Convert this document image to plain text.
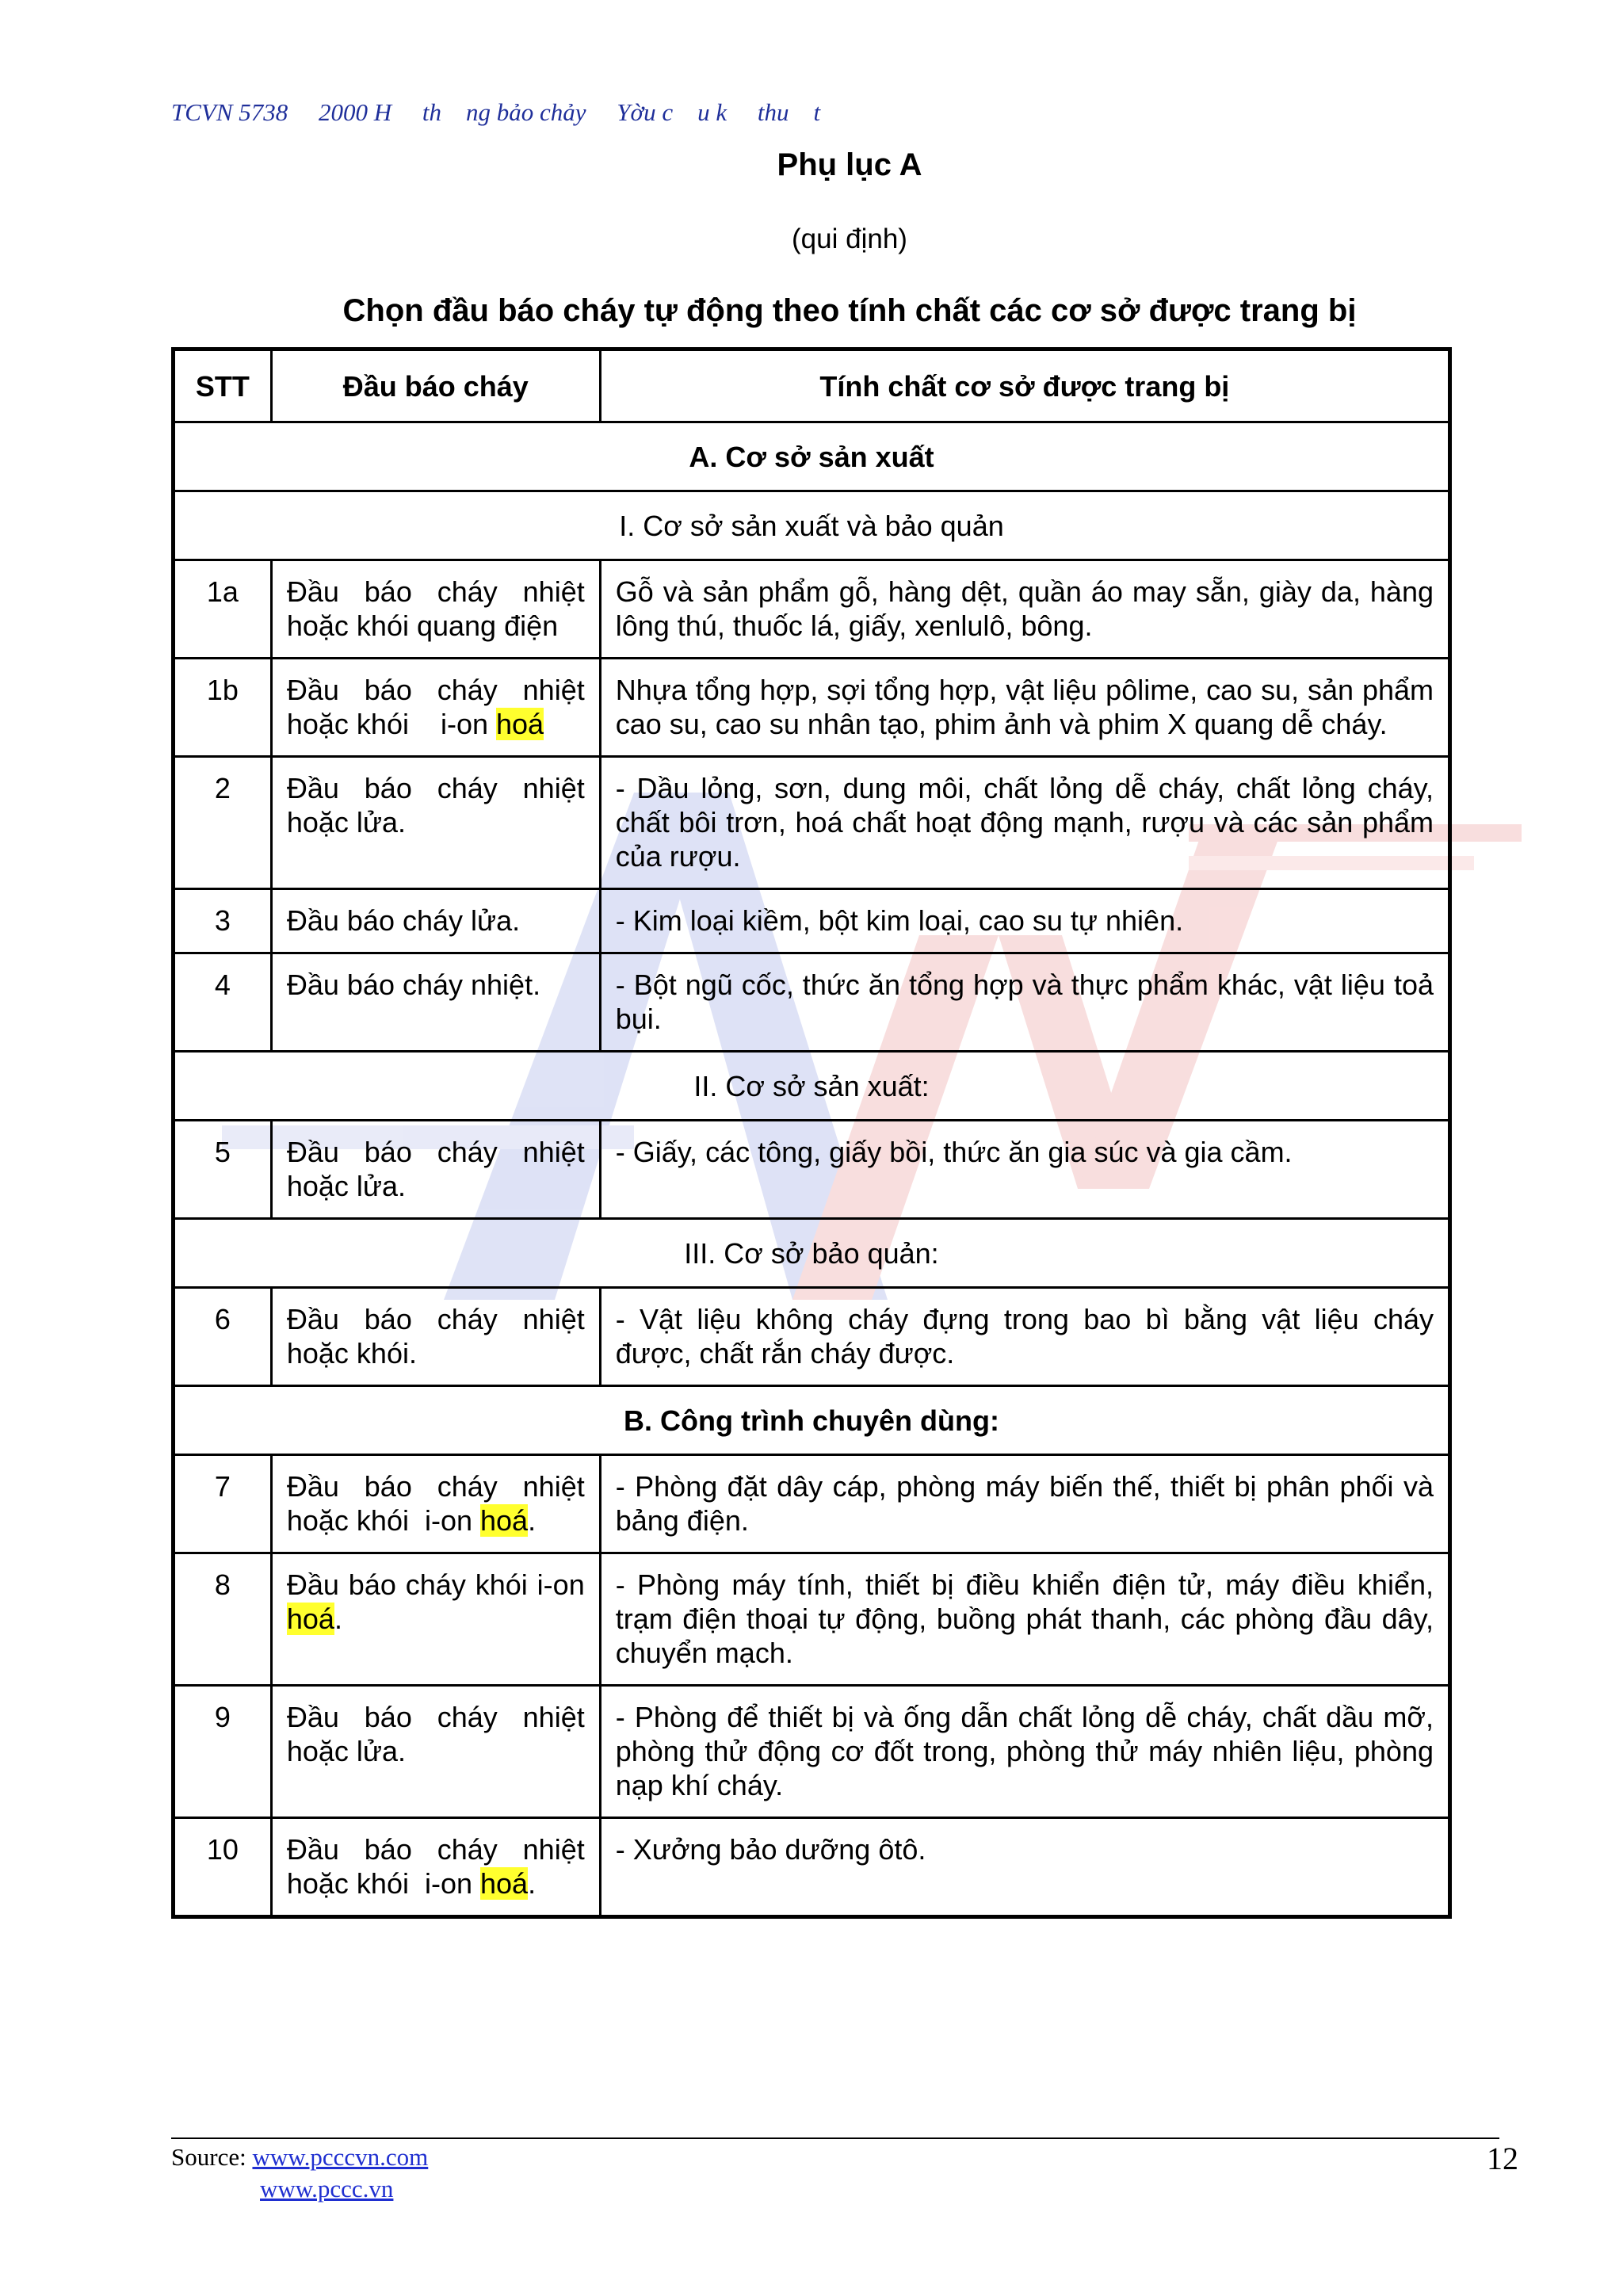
TCVN 5738     2000 H     th    ng bảo chảy     Yờu c    u k     thu    t
Phụ lục A
(qui định)
Chọn đầu báo cháy tự động theo tính chất các cơ sở được trang bị
STT	Đầu báo cháy	Tính chất cơ sở được trang bị
A. Cơ sở sản xuất		
I. Cơ sở sản xuất và bảo quản		
1a	Đầu báo cháy nhiệt hoặc khói quang điện	Gỗ và sản phẩm gỗ, hàng dệt, quần áo may sẵn, giày da, hàng lông thú, thuốc lá, giấy, xenlulô, bông.
1b	Đầu báo cháy nhiệt hoặc khói    i-on hoá	Nhựa tổng hợp, sợi tổng hợp, vật liệu pôlime, cao su, sản phẩm cao su, cao su nhân tạo, phim ảnh và phim X quang dễ cháy.
2	Đầu báo cháy nhiệt hoặc lửa.	- Dầu lỏng, sơn, dung môi, chất lỏng dễ cháy, chất lỏng cháy, chất bôi trơn, hoá chất hoạt động mạnh, rượu và các sản phẩm của rượu.
3	Đầu báo cháy lửa.	- Kim loại kiềm, bột kim loại, cao su tự nhiên.
4	Đầu báo cháy nhiệt.	- Bột ngũ cốc, thức ăn tổng hợp và thực phẩm khác, vật liệu toả bụi.
II. Cơ sở sản xuất:		
5	Đầu báo cháy nhiệt hoặc lửa.	- Giấy, các tông, giấy bồi, thức ăn gia súc và gia cầm.
III. Cơ sở bảo quản:		
6	Đầu báo cháy nhiệt hoặc khói.	- Vật liệu không cháy đựng trong bao bì bằng vật liệu cháy được, chất rắn cháy được.
B. Công trình chuyên dùng:		
7	Đầu báo cháy nhiệt hoặc khói  i-on hoá.	- Phòng đặt dây cáp, phòng máy biến thế, thiết bị phân phối và bảng điện.
8	Đầu báo cháy khói i-on hoá.	- Phòng máy tính, thiết bị điều khiển điện tử, máy điều khiển, trạm điện thoại tự động, buồng phát thanh, các phòng đầu dây, chuyển mạch.
9	Đầu báo cháy nhiệt hoặc lửa.	- Phòng để thiết bị và ống dẫn chất lỏng dễ cháy, chất dầu mỡ, phòng thử động cơ đốt trong, phòng thử máy nhiên liệu, phòng nạp khí cháy.
10	Đầu báo cháy nhiệt hoặc khói  i-on hoá.	- Xưởng bảo dưỡng ôtô.
Source: www.pcccvn.com
www.pccc.vn
12
